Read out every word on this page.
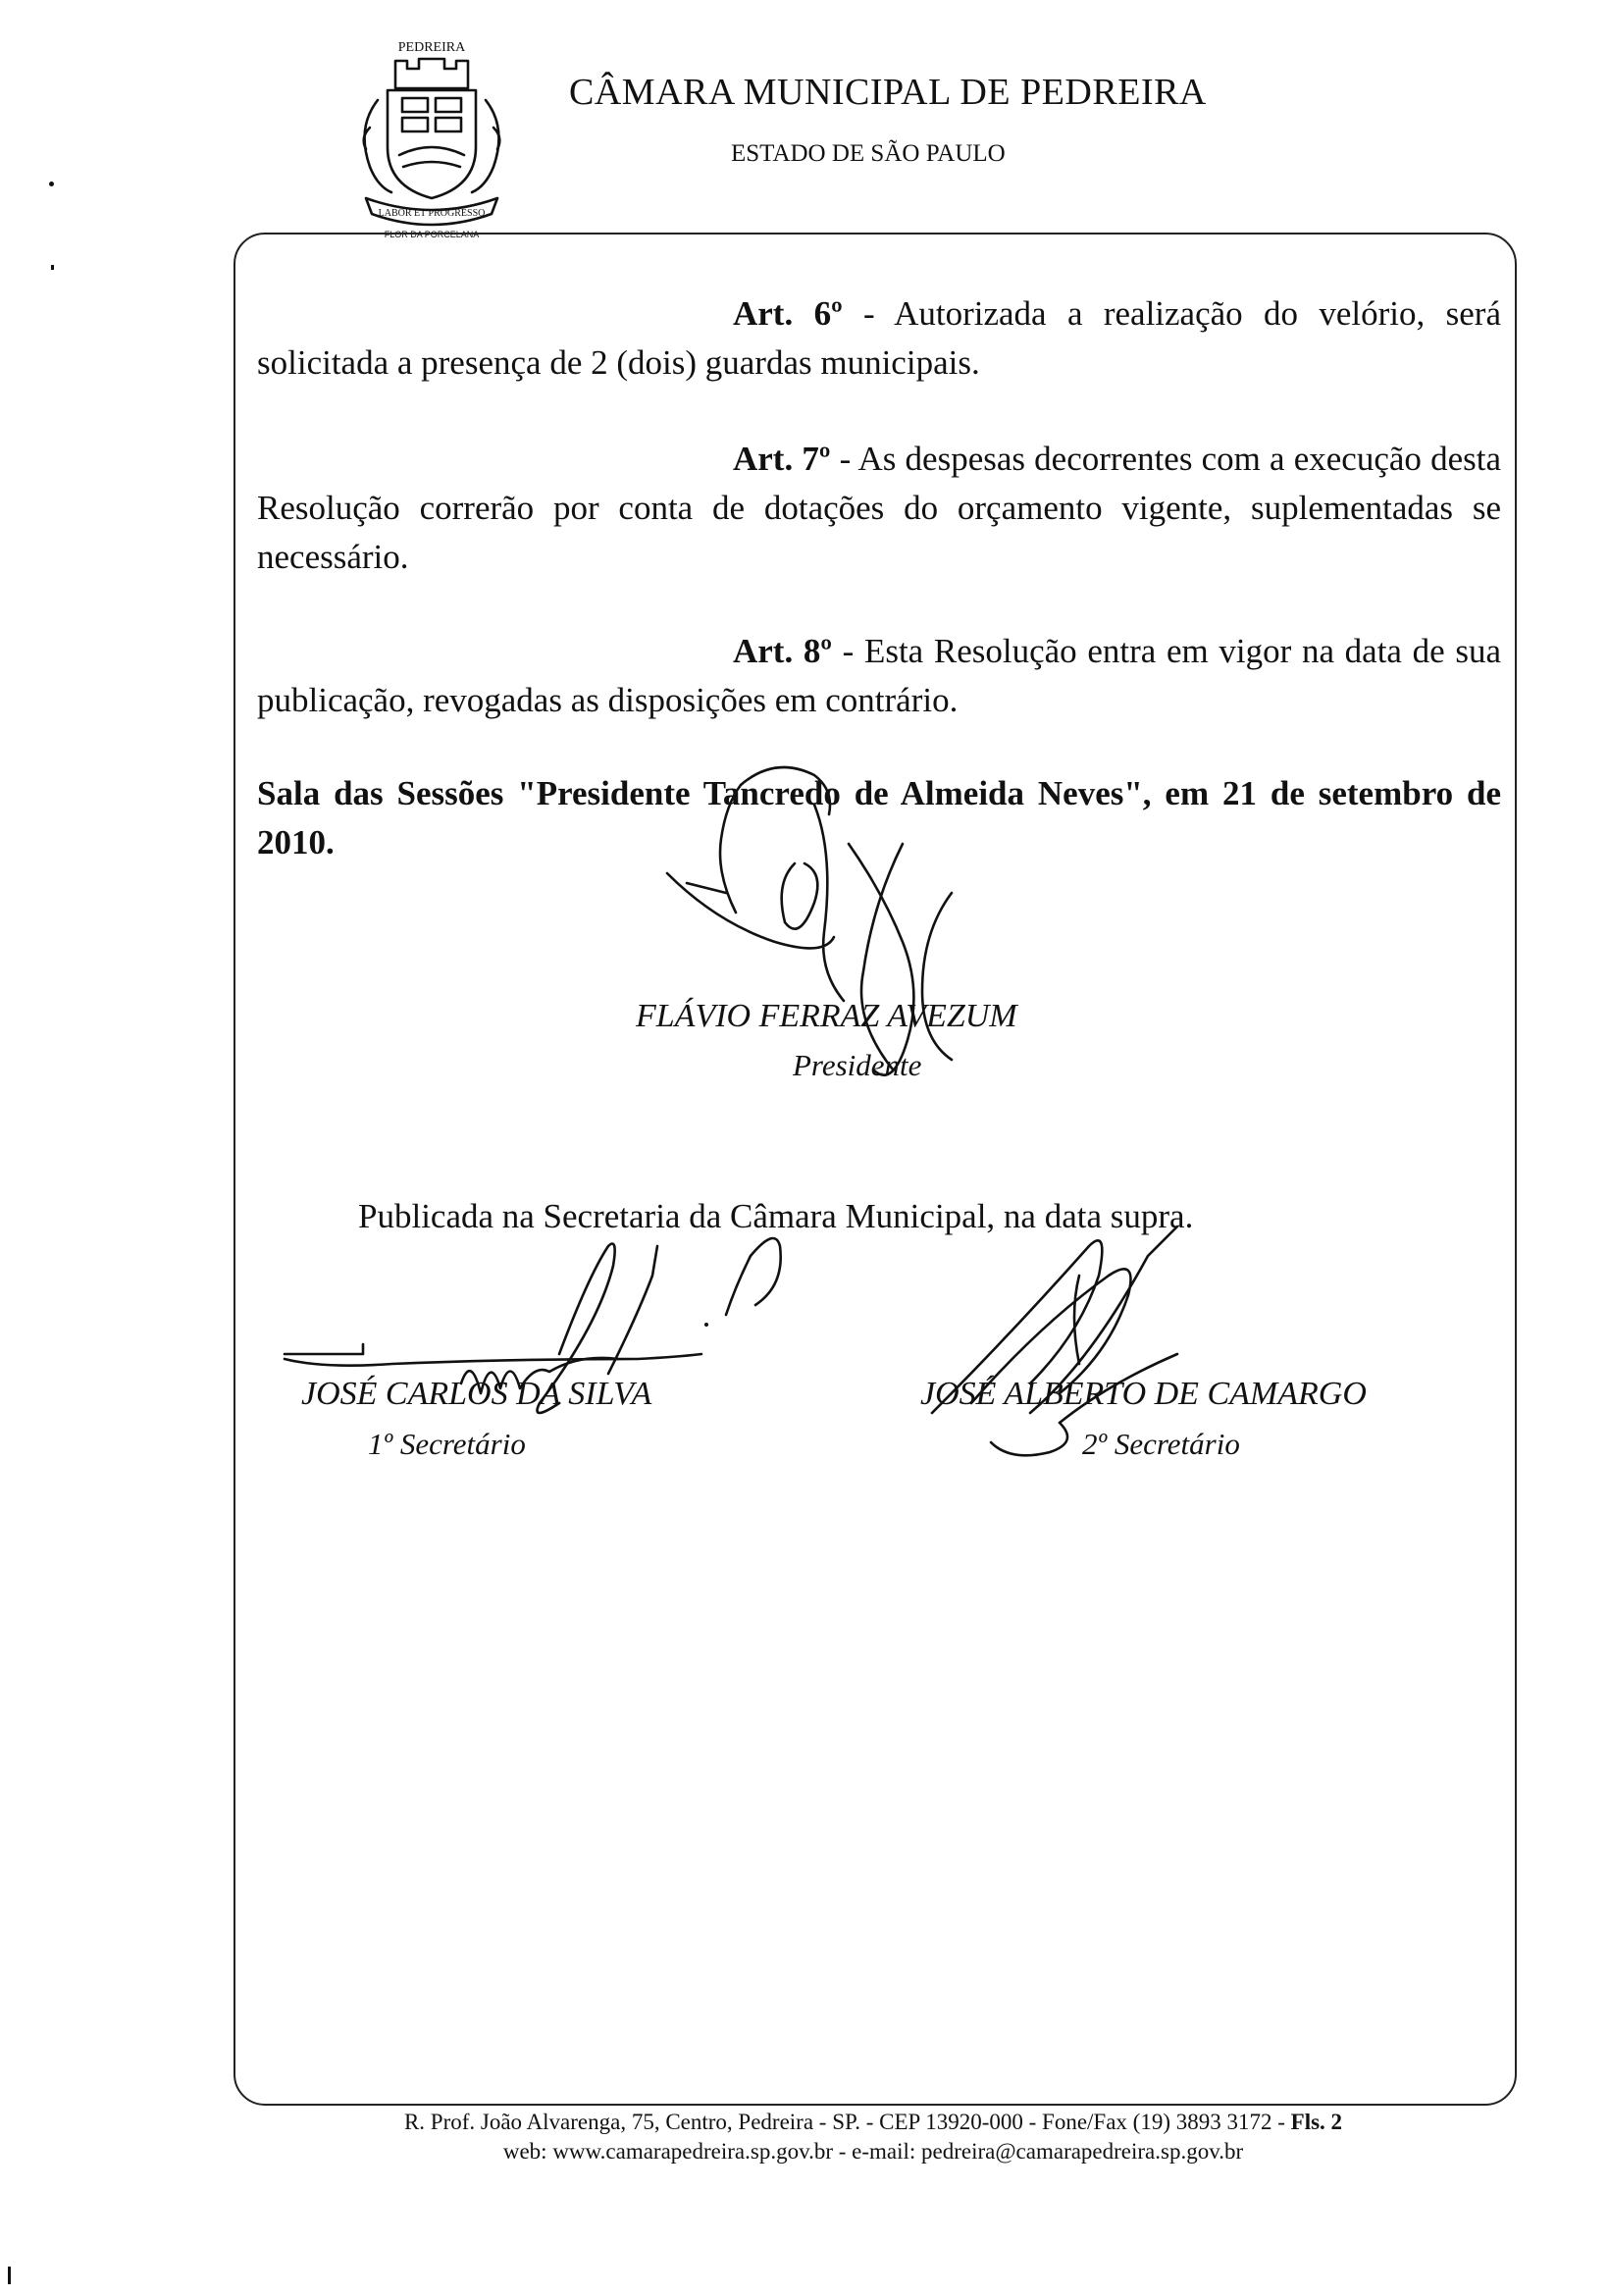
PEDREIRA
LABOR ET PROGRESSO
FLOR DA PORCELANA
CÂMARA MUNICIPAL DE PEDREIRA
ESTADO DE SÃO PAULO
Art. 6º - Autorizada a realização do velório, será solicitada a presença de 2 (dois) guardas municipais.
Art. 7º - As despesas decorrentes com a execução desta Resolução correrão por conta de dotações do orçamento vigente, suplementadas se necessário.
Art. 8º - Esta Resolução entra em vigor na data de sua publicação, revogadas as disposições em contrário.
Sala das Sessões "Presidente Tancredo de Almeida Neves", em 21 de setembro de 2010.
FLÁVIO FERRAZ AVEZUM
Presidente
Publicada na Secretaria da Câmara Municipal, na data supra.
JOSÉ CARLOS DA SILVA
1º Secretário
JOSÉ ALBERTO DE CAMARGO
2º Secretário
R. Prof. João Alvarenga, 75, Centro, Pedreira - SP. - CEP 13920-000 - Fone/Fax (19) 3893 3172 - Fls. 2
web: www.camarapedreira.sp.gov.br - e-mail: pedreira@camarapedreira.sp.gov.br
